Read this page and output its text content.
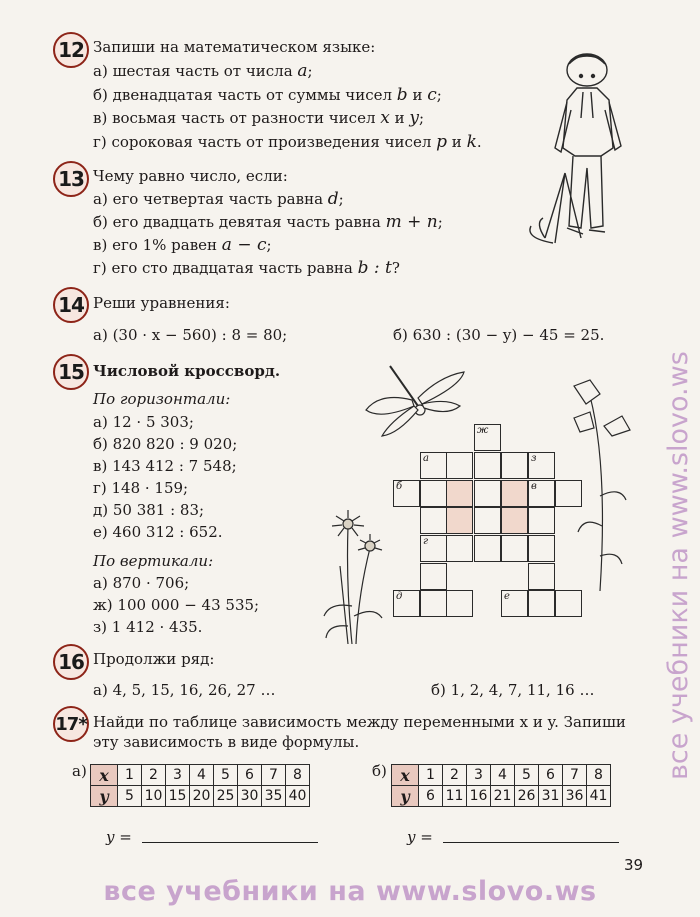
12 Запиши на математическом языке:
а) шестая часть от числа a;
б) двенадцатая часть от суммы чисел b и c;
в) восьмая часть от разности чисел x и y;
г) сороковая часть от произведения чисел p и k.
13 Чему равно число, если:
а) его четвертая часть равна d;
б) его двадцать девятая часть равна m + n;
в) его 1% равен a − c;
г) его сто двадцатая часть равна b : t?
14 Реши уравнения:
а) (30 · x − 560) : 8 = 80;	б) 630 : (30 − y) − 45 = 25.
15 Числовой кроссворд.
По горизонтали:
а) 12 · 5 303;
б) 820 820 : 9 020;
в) 143 412 : 7 548;
г) 148 · 159;
д) 50 381 : 83;
е) 460 312 : 652.
По вертикали:
а) 870 · 706;
ж) 100 000 − 43 535;
з) 1 412 · 435.
ж
а	з
б	в
г
д	е
16 Продолжи ряд:
а) 4, 5, 15, 16, 26, 27 …	б) 1, 2, 4, 7, 11, 16 …
17* Найди по таблице зависимость между переменными x и y. Запиши
эту зависимость в виде формулы.
а) x	1	2	3	4	5	6	7	8
y	5	10	15	20	25	30	35	40
б) x	1	2	3	4	5	6	7	8
y	6	11	16	21	26	31	36	41
y =	y =
39
все учебники на www.slovo.ws
все учебники на www.slovo.ws
